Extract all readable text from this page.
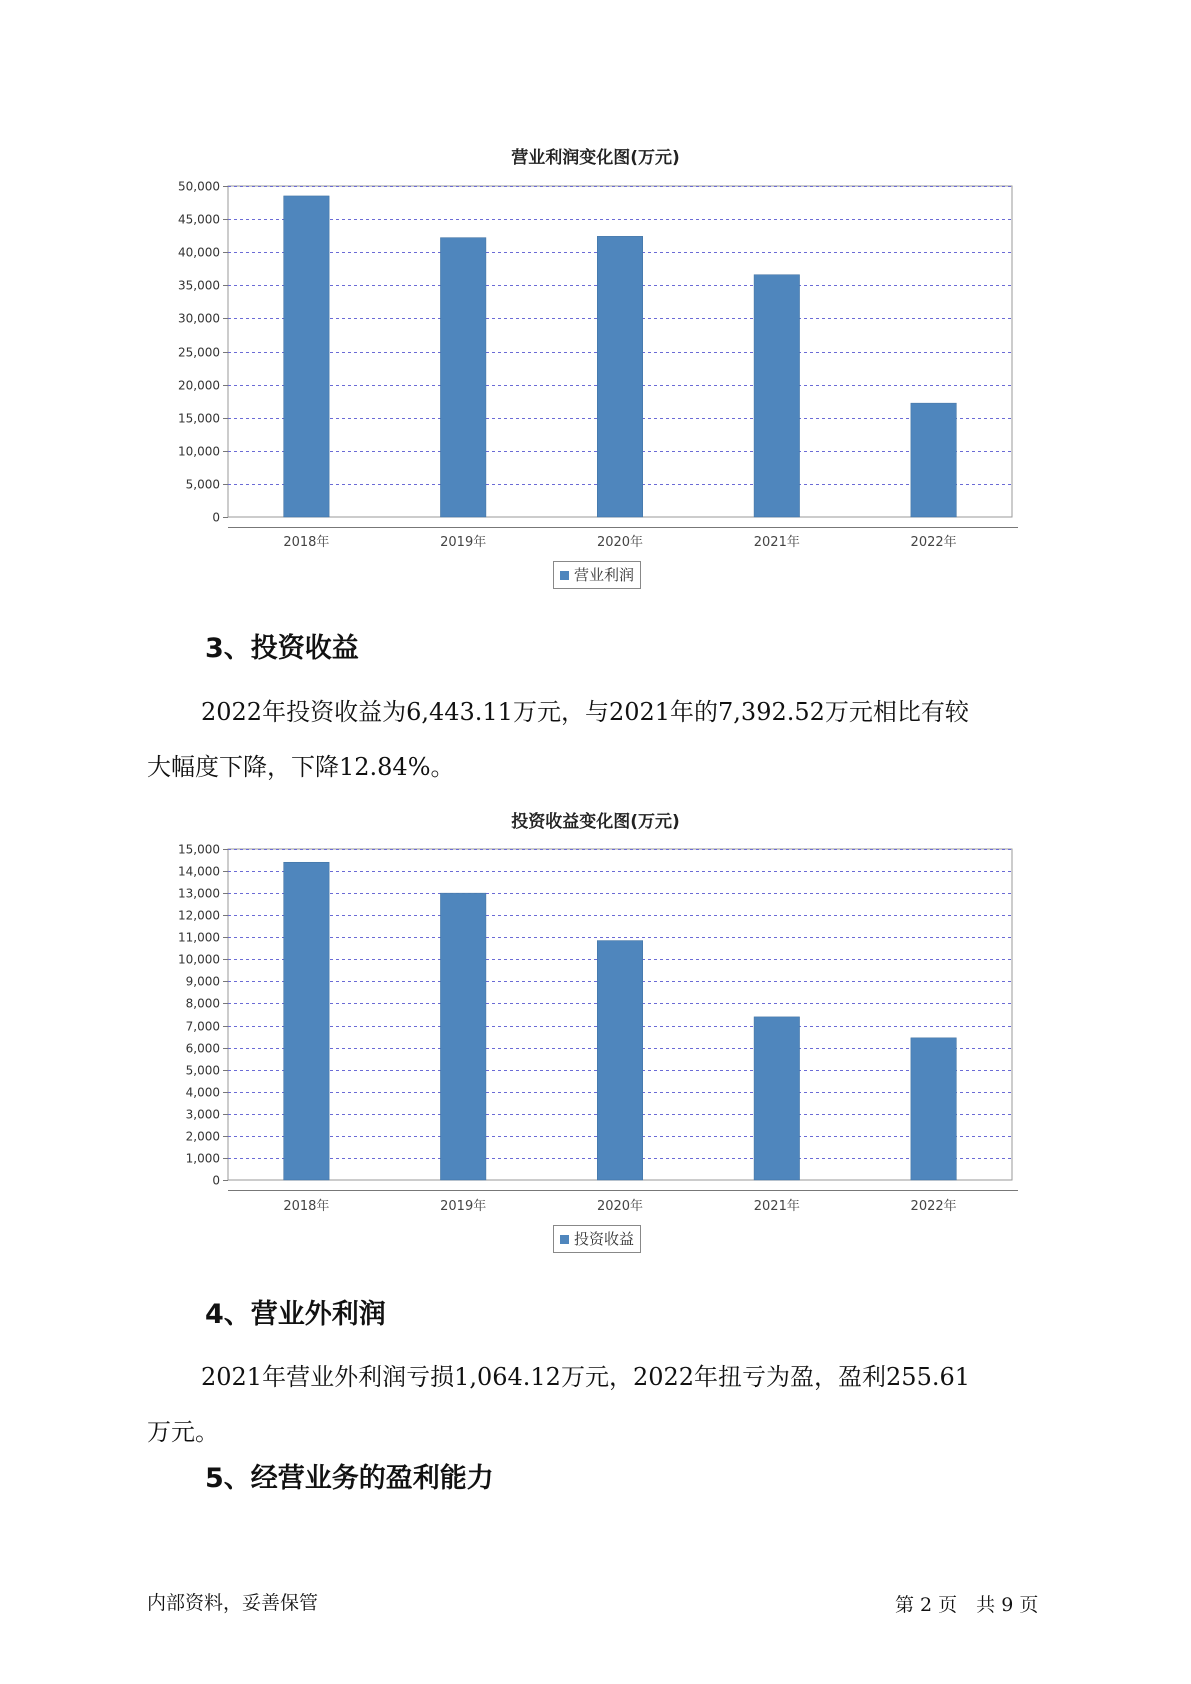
营业利润变化图(万元)
0
5,000
10,000
15,000
20,000
25,000
30,000
35,000
40,000
45,000
50,000
2018年	2019年	2020年	2021年	2022年
营业利润
3、投资收益
2022年投资收益为6,443.11万元，与2021年的7,392.52万元相比有较
大幅度下降，下降12.84%。
投资收益变化图(万元)
0
1,000
2,000
3,000
4,000
5,000
6,000
7,000
8,000
9,000
10,000
11,000
12,000
13,000
14,000
15,000
2018年	2019年	2020年	2021年	2022年
投资收益
4、营业外利润
2021年营业外利润亏损1,064.12万元，2022年扭亏为盈，盈利255.61
万元。
5、经营业务的盈利能力
内部资料，妥善保管	第 2 页　共 9 页
